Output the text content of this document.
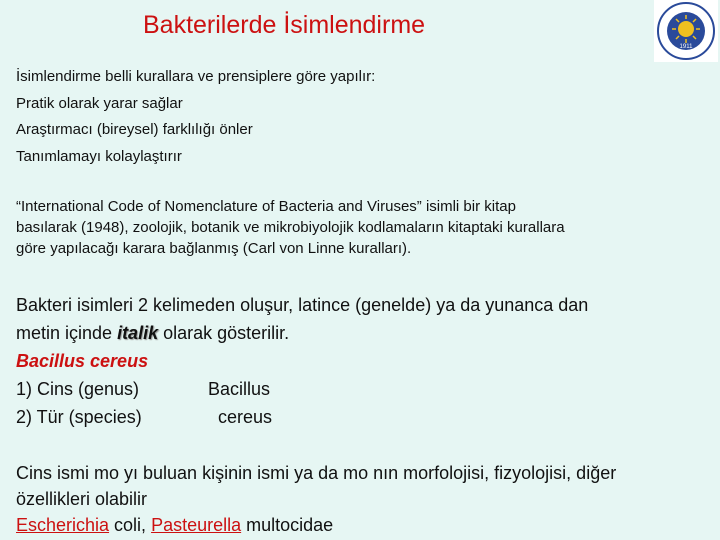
Bakterilerde İsimlendirme
1911
İsimlendirme belli kurallara ve prensiplere göre yapılır:
Pratik olarak yarar sağlar
Araştırmacı (bireysel) farklılığı önler
Tanımlamayı kolaylaştırır
“International Code of Nomenclature of Bacteria and Viruses” isimli bir kitap
basılarak (1948), zoolojik, botanik ve mikrobiyolojik kodlamaların kitaptaki kurallara
göre yapılacağı karara bağlanmış (Carl von Linne kuralları).
Bakteri isimleri 2 kelimeden oluşur, latince (genelde) ya da yunanca dan
metin içinde italik olarak gösterilir.
Bacillus cereus
1) Cins (genus)	Bacillus
2) Tür (species)	cereus
Cins ismi mo yı buluan kişinin ismi ya da mo nın morfolojisi, fizyolojisi, diğer
özellikleri olabilir
Escherichia coli, Pasteurella multocidae
